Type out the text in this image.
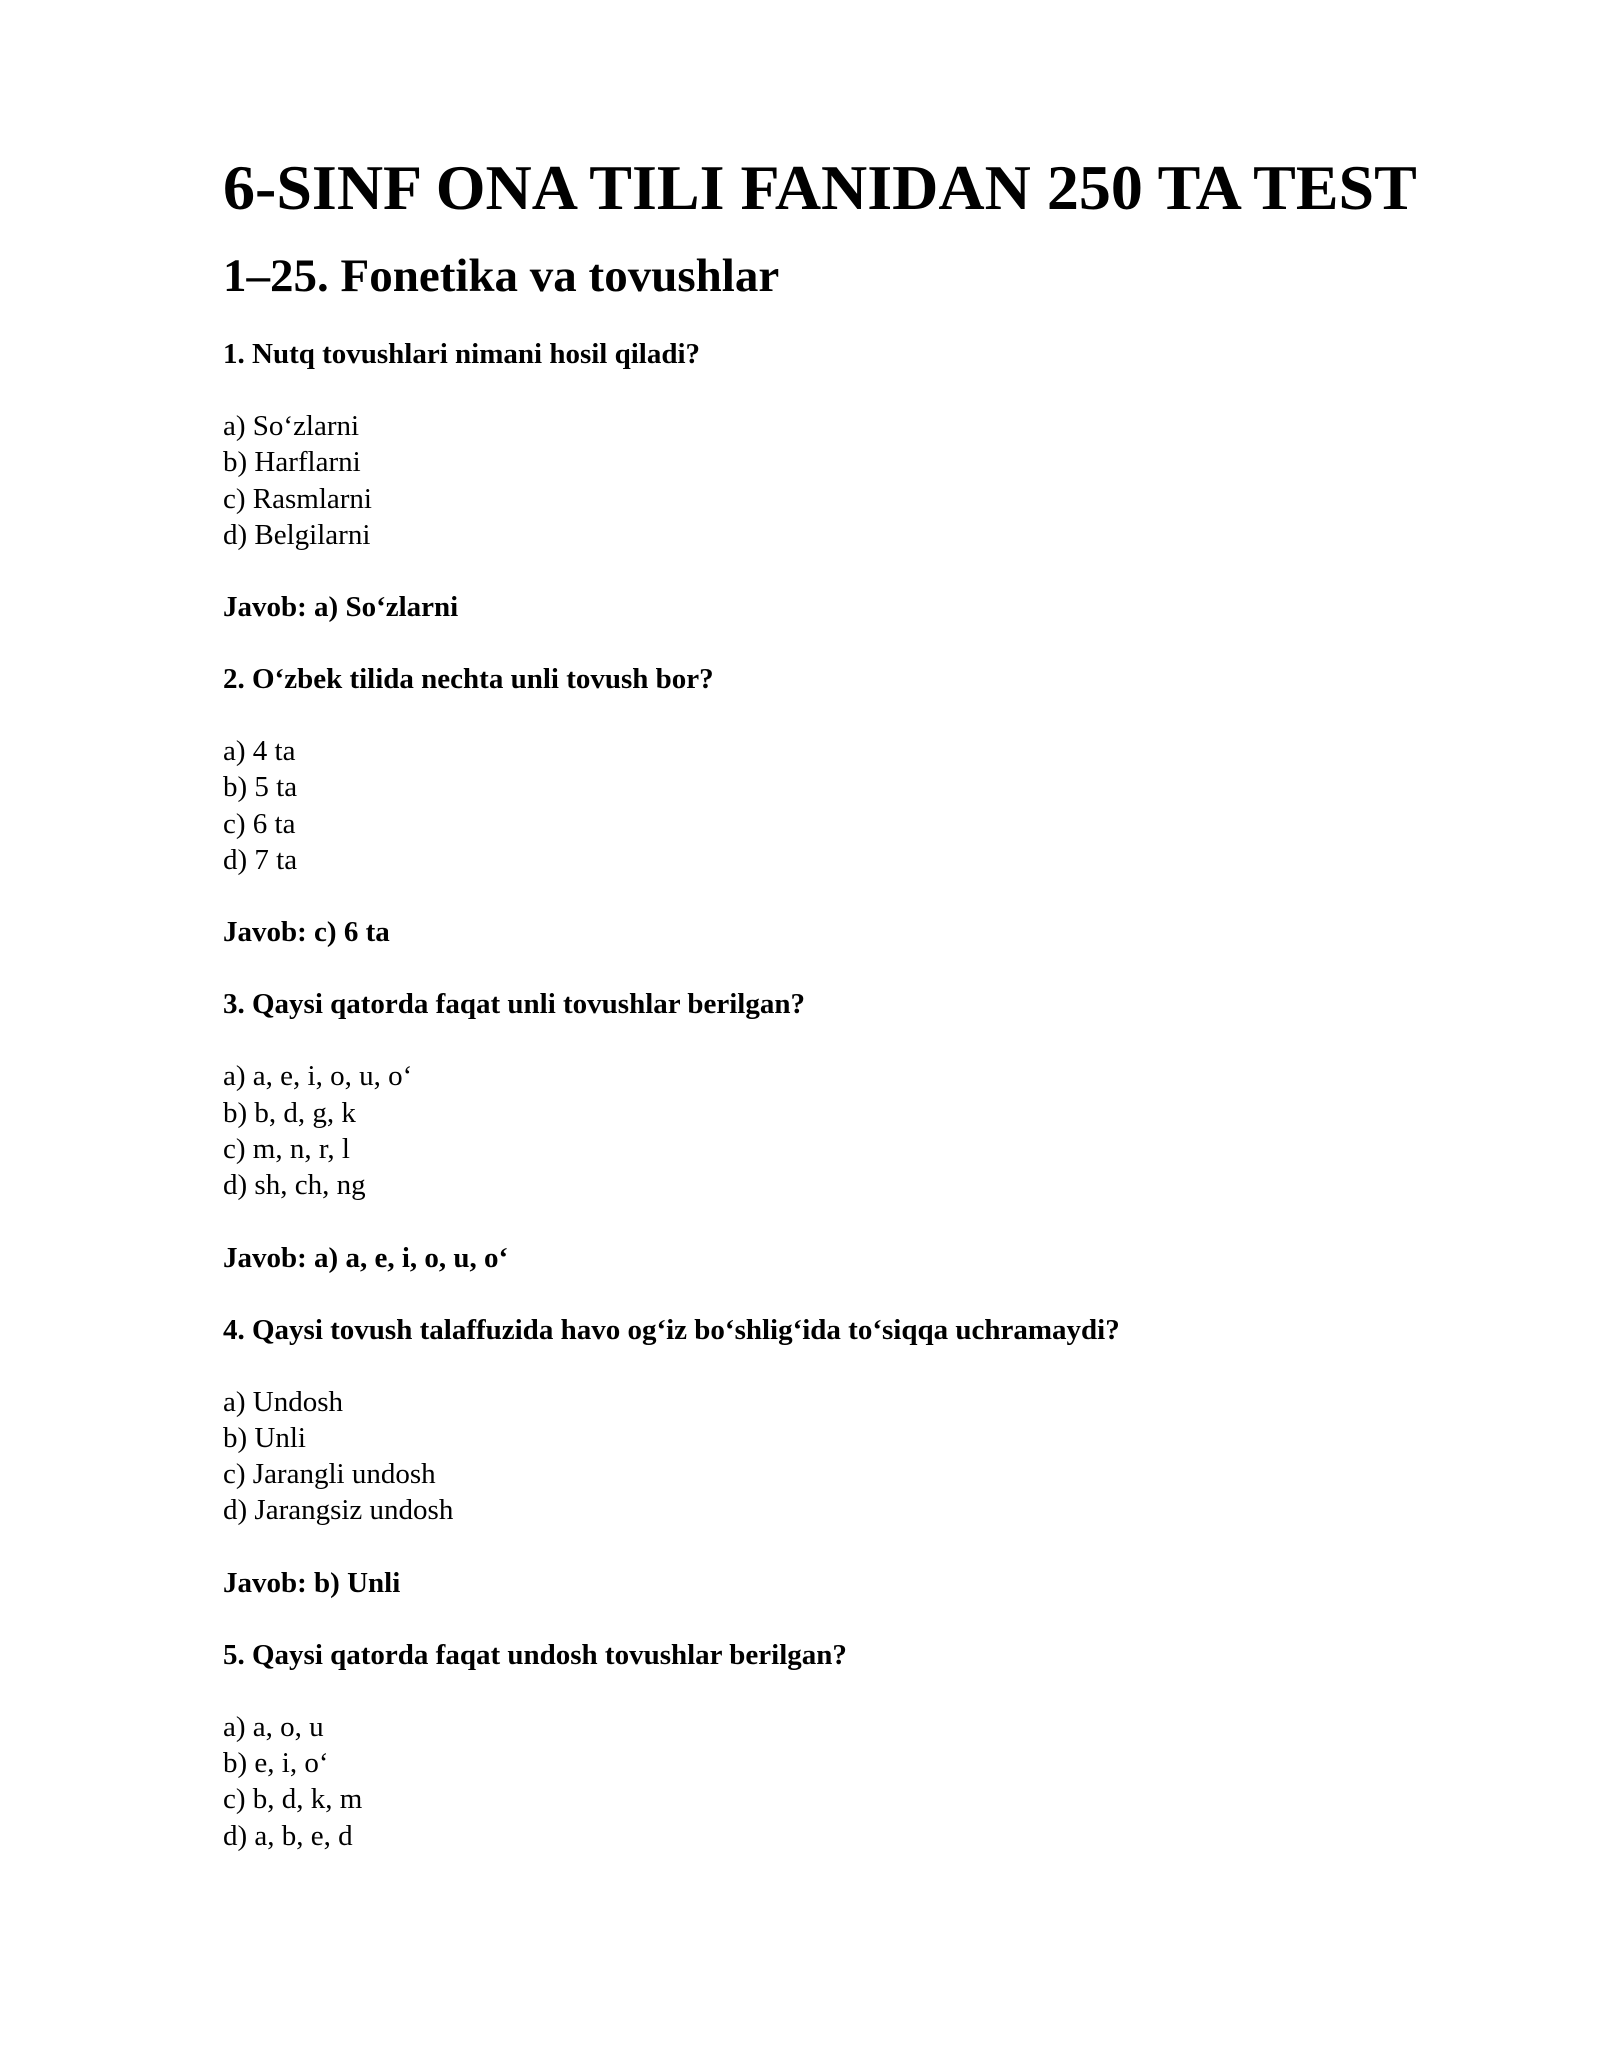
6-SINF ONA TILI FANIDAN 250 TA TEST
1–25. Fonetika va tovushlar

1. Nutq tovushlari nimani hosil qiladi?

a) So‘zlarni
b) Harflarni
c) Rasmlarni
d) Belgilarni

Javob: a) So‘zlarni

2. O‘zbek tilida nechta unli tovush bor?

a) 4 ta
b) 5 ta
c) 6 ta
d) 7 ta

Javob: c) 6 ta

3. Qaysi qatorda faqat unli tovushlar berilgan?

a) a, e, i, o, u, o‘
b) b, d, g, k
c) m, n, r, l
d) sh, ch, ng

Javob: a) a, e, i, o, u, o‘

4. Qaysi tovush talaffuzida havo og‘iz bo‘shlig‘ida to‘siqqa uchramaydi?

a) Undosh
b) Unli
c) Jarangli undosh
d) Jarangsiz undosh

Javob: b) Unli

5. Qaysi qatorda faqat undosh tovushlar berilgan?

a) a, o, u
b) e, i, o‘
c) b, d, k, m
d) a, b, e, d
